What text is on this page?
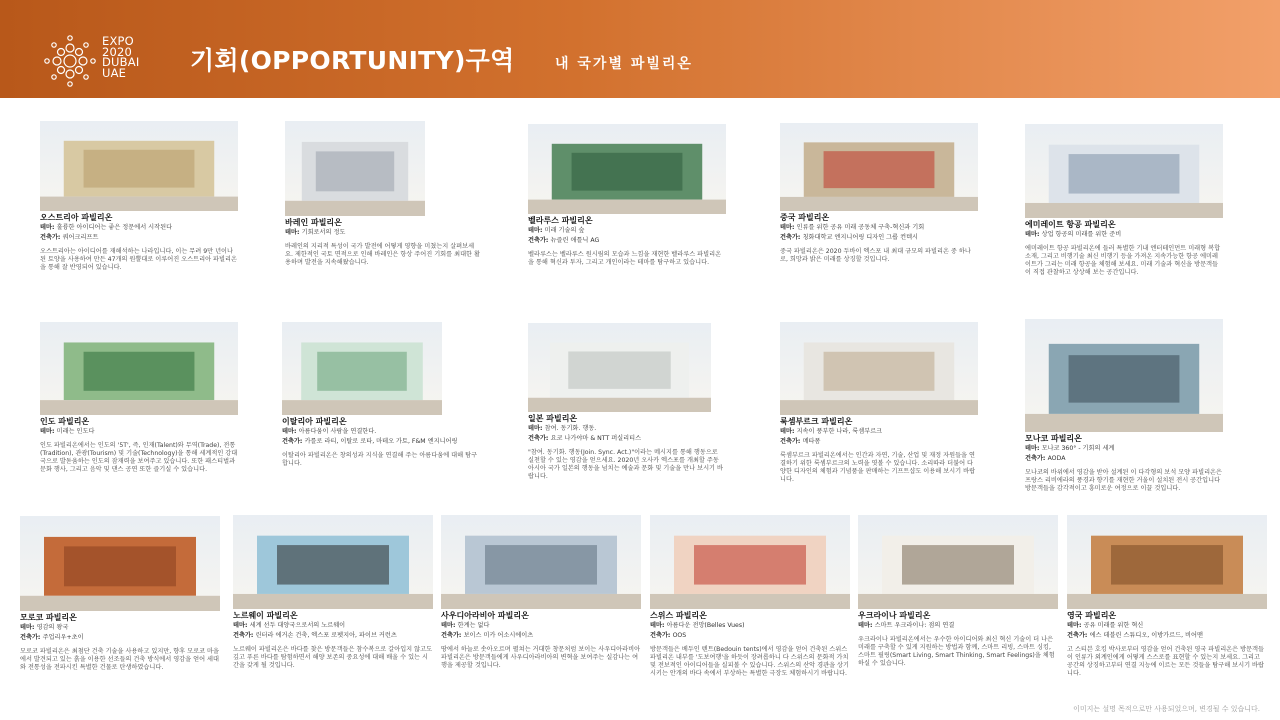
EXPO
2020
DUBAI
UAE	기회(OPPORTUNITY)구역	내 국가별 파빌리온
오스트리아 파빌리온
테마: 훌륭한 아이디어는 좋은 정문에서 시작된다
건축가: 쿼어크리프트
오스트리아는 아이디어를 재해석하는 나라입니다, 이는 무려 9만 년이나 된 토양을 사용하여 만든 47개의 원뿔대로 이루어진 오스트리아 파빌리온을 통해 잘 반영되어 있습니다.
바레인 파빌리온
테마: 기회로서의 정도
바레인의 지리적 특성이 국가 발전에 어떻게 영향을 미쳤는지 살펴보세요. 제한적인 국토 면적으로 인해 바레인은 항상 주어진 기회를 최대한 활용하며 발전을 지속해왔습니다.
벨라루스 파빌리온
테마: 미래 기술의 숲
건축가: 뉴즐린 애틀닉 AG
벨라루스는 벨라루스 원시림의 모습과 느낌을 재현한 벨라루스 파빌리온을 통해 혁신과 투자, 그리고 개인이라는 테마를 탐구하고 있습니다.
중국 파빌리온
테마: 인류를 위한 공유 미래 공동체 구축-혁신과 기회
건축가: 칭화대학교 엔지니어링 디자인 그룹 컨텍시
중국 파빌리온은 2020 두바이 엑스포 내 최대 규모의 파빌리온 중 하나로, 희망과 밝은 미래를 상징할 것입니다.
에미레이트 항공 파빌리온
테마: 상업 항공의 미래를 위한 준비
에미레이트 항공 파빌리온에 들러 특별한 기내 엔터테인먼트 미래형 복합 소재, 그리고 비행기술 최신 비행기 등을 가져온 지속가능한 항공 에미레이트가 그리는 미래 항공을 체험해 보세요. 미래 기술과 혁신을 방문객들이 직접 관찰하고 상상해 보는 공간입니다.
인도 파빌리온
테마: 미래는 인도다
인도 파빌리온에서는 인도의 '5T', 즉, 인재(Talent)와 무역(Trade), 전통(Tradition), 관광(Tourism) 및 기술(Technology)을 통해 세계적인 강대국으로 발돋움하는 인도의 잠재력을 보여주고 있습니다. 또한 패스티벌과 문화 행사, 그리고 음악 및 댄스 공연 또한 즐기실 수 있습니다.
이탈리아 파빌리온
테마: 아름다움이 사람을 연결한다.
건축가: 카를로 라티, 이탈로 로타, 마테오 가토, F&M 엔지니어링
이탈리아 파빌리온은 창의성과 지식을 연결해 주는 아름다움에 대해 탐구합니다.
일본 파빌리온
테마: 참여. 동기화. 행동.
건축가: 요코 나가야마 & NTT 퍼실리티스
"참여. 동기화. 행동(Join. Sync. Act.)"이라는 메시지를 통해 행동으로 실천할 수 있는 영감을 얻으세요. 2020년 오사카 엑스포를 개최할 주동 아시아 국가 일본의 행동을 넘치는 예술과 문화 및 기술을 만나 보시기 바랍니다.
룩셈부르크 파빌리온
테마: 지속이 풍부한 나라, 룩셈부르크
건축가: 메타폼
룩셈부르크 파빌리온에서는 인간과 자연, 기술, 산업 및 재정 자원들을 연결하기 위한 룩셈부르크의 노력을 엿볼 수 있습니다. 소리따라 더불어 다양한 디자인의 체험과 기념품을 판매하는 기프트샵도 이용해 보시기 바랍니다.
모나코 파빌리온
테마: 모나코 360° - 기회의 세계
건축가: AODA
모나코의 바위에서 영감을 받아 설계된 이 다각형의 보석 모양 파빌리온은 프랑스 리비에라의 풍경과 향기를 재현한 거울이 설치된 전시 공간입니다 방문객들을 감각적이고 흥미로운 여정으로 이끌 것입니다.
모로코 파빌리온
테마: 영감의 왕국
건축가: 주업리우+초이
모로코 파빌리온은 최첨단 건축 기술을 사용하고 있지만, 향후 모로코 마을에서 발견되고 있는 흙을 이용한 선조들의 건축 방식에서 영감을 얻어 세대와 전통성을 전파시킨 특별한 건물로 탄생하였습니다.
노르웨이 파빌리온
테마: 세계 선두 대양국으로서의 노르웨이
건축가: 린터라 에거손 건축, 엑스포 로펫지아, 파이브 커런츠
노르웨이 파빌리온은 바다를 찾은 방문객들은 참수복으로 갈아입지 않고도 깊고 푸른 바다를 탐험하면서 해양 보존의 중요성에 대해 배울 수 있는 시간을 갖게 될 것입니다.
사우디아라비아 파빌리온
테마: 한계는 없다
건축가: 보이스 미카 어소시에이츠
땅에서 하늘로 솟아오르며 펼쳐는 거대한 창문처럼 보이는 사우디아라비아 파빌리온은 방문객들에게 사우디아라비아의 변혁을 보여주는 실감나는 여행을 제공할 것입니다.
스위스 파빌리온
테마: 아름다운 전망(Belles Vues)
건축가: OOS
방문객들은 베두인 텐트(Bedouin tents)에서 영감을 얻어 건축된 스위스 파빌리온 내부를 '도보여행'을 하듯이 장려롭하니 다 스위스의 문화적 가치 및 전보적인 아이디어들을 실피볼 수 있습니다. 스위스의 산악 경관을 상기시키는 안개의 바다 속에서 부상하는 특별한 극장도 체험하시기 바랍니다.
우크라이나 파빌리온
테마: 스마트 우크라이나: 점의 연결
우크라이나 파빌리온에서는 우수한 아이디어와 최신 혁신 기술이 더 나은 미래를 구축할 수 있게 지원하는 방법과 함께, 스마트 리빙, 스마트 싱킹, 스마트 필링(Smart Living, Smart Thinking, Smart Feelings)을 체험하실 수 있습니다.
영국 파빌리온
테마: 공유 미래를 위한 혁신
건축가: 에스 데블린 스튜디오, 이방가르드, 비어맨
고 스티븐 호킹 박사로부터 영감을 얻어 건축된 영국 파빌리온은 방문객들이 인류가 외계인에게 어떻게 스스로를 표현할 수 있는지 보세요. 그리고 공간의 상징하고부터 연결 지능에 이르는 모든 것들을 탐구해 보시기 바랍니다.
이미지는 설명 목적으로만 사용되었으며, 변경될 수 있습니다.
